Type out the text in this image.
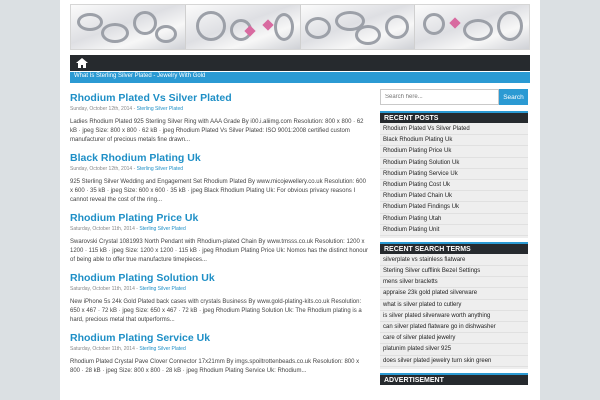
What Is Sterling Silver Plated - Jewelry With Gold
Rhodium Plated Vs Silver Plated
Sunday, October 12th, 2014 - Sterling Silver Plated
Ladies Rhodium Plated 925 Sterling Silver Ring with AAA Grade By i00.i.aliimg.com Resolution: 800 x 800 · 62 kB · jpeg Size: 800 x 800 · 62 kB · jpeg Rhodium Plated Vs Silver Plated: ISO 9001:2008 certified custom manufacturer of precious metals fine drawn...
Black Rhodium Plating Uk
Sunday, October 12th, 2014 - Sterling Silver Plated
925 Sterling Silver Wedding and Engagement Set Rhodium Plated By www.micojewellery.co.uk Resolution: 600 x 600 · 35 kB · jpeg Size: 600 x 600 · 35 kB · jpeg Black Rhodium Plating Uk: For obvious privacy reasons I cannot reveal the cost of the ring...
Rhodium Plating Price Uk
Saturday, October 11th, 2014 - Sterling Silver Plated
Swarovski Crystal 1081993 North Pendant with Rhodium-plated Chain By www.tmsss.co.uk Resolution: 1200 x 1200 · 115 kB · jpeg Size: 1200 x 1200 · 115 kB · jpeg Rhodium Plating Price Uk: Nomos has the distinct honour of being able to offer true manufacture timepieces...
Rhodium Plating Solution Uk
Saturday, October 11th, 2014 - Sterling Silver Plated
New iPhone 5s 24k Gold Plated back cases with crystals Business By www.gold-plating-kits.co.uk Resolution: 650 x 467 · 72 kB · jpeg Size: 650 x 467 · 72 kB · jpeg Rhodium Plating Solution Uk: The Rhodium plating is a hard, precious metal that outperforms...
Rhodium Plating Service Uk
Saturday, October 11th, 2014 - Sterling Silver Plated
Rhodium Plated Crystal Pave Clover Connector 17x21mm By imgs.spoiltrottenbeads.co.uk Resolution: 800 x 800 · 28 kB · jpeg Size: 800 x 800 · 28 kB · jpeg Rhodium Plating Service Uk: Rhodium...
Search here...
Search
RECENT POSTS
Rhodium Plated Vs Silver Plated
Black Rhodium Plating Uk
Rhodium Plating Price Uk
Rhodium Plating Solution Uk
Rhodium Plating Service Uk
Rhodium Plating Cost Uk
Rhodium Plated Chain Uk
Rhodium Plated Findings Uk
Rhodium Plating Utah
Rhodium Plating Unit
RECENT SEARCH TERMS
silverplate vs stainless flatware
Sterling Silver cufflink Bezel Settings
mens silver bracletts
appraise 23k gold plated silverware
what is silver plated to cutlery
is silver plated silverware worth anything
can silver plated flatware go in dishwasher
care of silver plated jewelry
platunim plated silver 925
does silver plated jewelry turn skin green
ADVERTISEMENT
